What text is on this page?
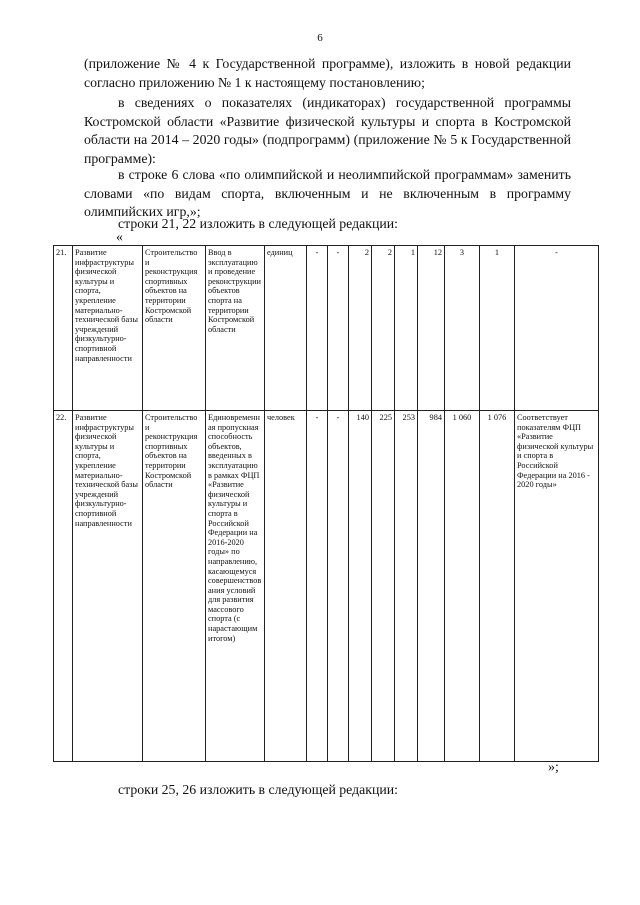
6

(приложение № 4 к Государственной программе), изложить в новой редакции согласно приложению № 1 к настоящему постановлению;

в сведениях о показателях (индикаторах) государственной программы Костромской области «Развитие физической культуры и спорта в Костромской области на 2014 – 2020 годы» (подпрограмм) (приложение № 5 к Государственной программе):

в строке 6 слова «по олимпийской и неолимпийской программам» заменить словами «по видам спорта, включенным и не включенным в программу олимпийских игр,»;

строки 21, 22 изложить в следующей редакции:

«
21.	Развитие инфраструктуры физической культуры и спорта, укрепление материально-технической базы учреждений физкультурно-спортивной направленности	Строительство и реконструкция спортивных объектов на территории Костромской области	Ввод в эксплуатацию и проведение реконструкции объектов спорта на территории Костромской области	единиц	-	-	2	2	1	12	3	1	-
22.	Развитие инфраструктуры физической культуры и спорта, укрепление материально-технической базы учреждений физкультурно-спортивной направленности	Строительство и реконструкция спортивных объектов на территории Костромской области	Единовременная пропускная способность объектов, введенных в эксплуатацию в рамках ФЦП «Развитие физической культуры и спорта в Российской Федерации на 2016-2020 годы» по направлению, касающемуся совершенствования условий для развития массового спорта (с нарастающим итогом)	человек	-	-	140	225	253	984	1 060	1 076	Соответствует показателям ФЦП «Развитие физической культуры и спорта в Российской Федерации на 2016 - 2020 годы»
»;

строки 25, 26 изложить в следующей редакции:
